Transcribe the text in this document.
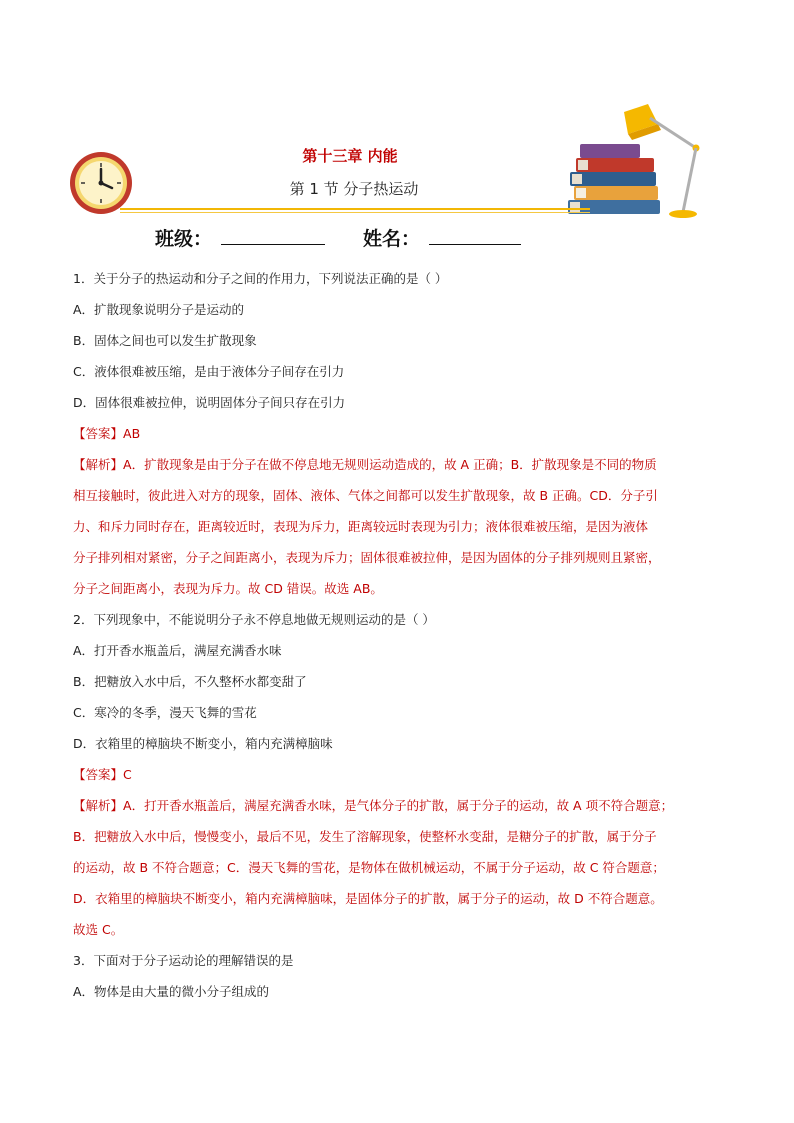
第十三章 内能
第 1 节 分子热运动
班级：	姓名：
1．关于分子的热运动和分子之间的作用力，下列说法正确的是（ ）
A．扩散现象说明分子是运动的
B．固体之间也可以发生扩散现象
C．液体很难被压缩，是由于液体分子间存在引力
D．固体很难被拉伸，说明固体分子间只存在引力
【答案】AB
【解析】A．扩散现象是由于分子在做不停息地无规则运动造成的，故 A 正确；B．扩散现象是不同的物质
相互接触时，彼此进入对方的现象，固体、液体、气体之间都可以发生扩散现象，故 B 正确。CD．分子引
力、和斥力同时存在，距离较近时，表现为斥力，距离较远时表现为引力；液体很难被压缩，是因为液体
分子排列相对紧密，分子之间距离小，表现为斥力；固体很难被拉伸，是因为固体的分子排列规则且紧密，
分子之间距离小，表现为斥力。故 CD 错误。故选 AB。
2．下列现象中，不能说明分子永不停息地做无规则运动的是（ ）
A．打开香水瓶盖后，满屋充满香水味
B．把糖放入水中后，不久整杯水都变甜了
C．寒冷的冬季，漫天飞舞的雪花
D．衣箱里的樟脑块不断变小，箱内充满樟脑味
【答案】C
【解析】A．打开香水瓶盖后，满屋充满香水味，是气体分子的扩散，属于分子的运动，故 A 项不符合题意；
B．把糖放入水中后，慢慢变小，最后不见，发生了溶解现象，使整杯水变甜，是糖分子的扩散，属于分子
的运动，故 B 不符合题意；C．漫天飞舞的雪花，是物体在做机械运动，不属于分子运动，故 C 符合题意；
D．衣箱里的樟脑块不断变小，箱内充满樟脑味，是固体分子的扩散，属于分子的运动，故 D 不符合题意。
故选 C。
3．下面对于分子运动论的理解错误的是
A．物体是由大量的微小分子组成的
